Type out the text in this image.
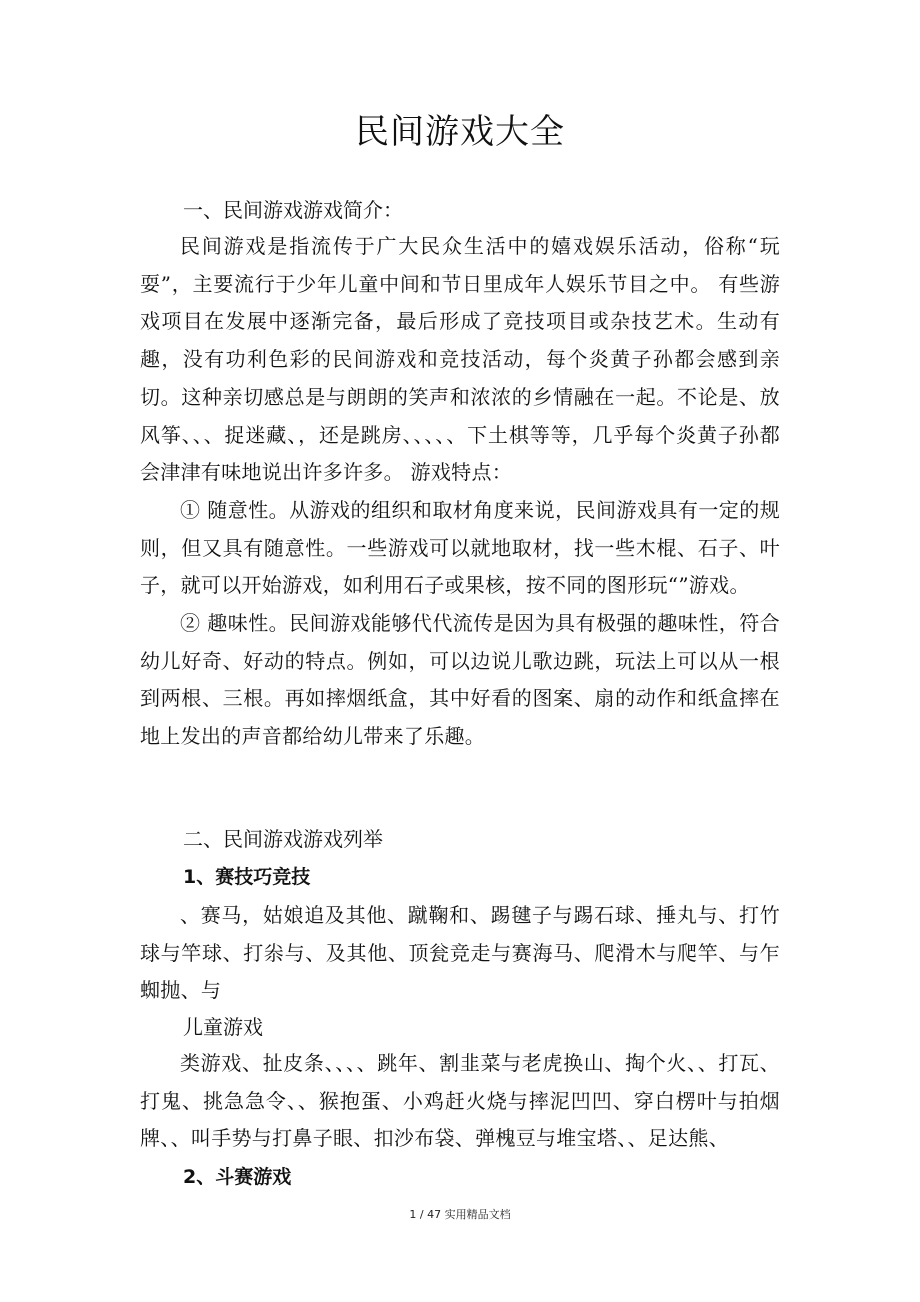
民间游戏大全
一、民间游戏游戏简介：

民间游戏是指流传于广大民众生活中的嬉戏娱乐活动，俗称“玩耍”，主要流行于少年儿童中间和节日里成年人娱乐节目之中。 有些游戏项目在发展中逐渐完备，最后形成了竞技项目或杂技艺术。生动有趣，没有功利色彩的民间游戏和竞技活动，每个炎黄子孙都会感到亲切。这种亲切感总是与朗朗的笑声和浓浓的乡情融在一起。不论是、放风筝、、、捉迷藏、，还是跳房、、、、、下土棋等等，几乎每个炎黄子孙都会津津有味地说出许多许多。 游戏特点：

① 随意性。从游戏的组织和取材角度来说，民间游戏具有一定的规则，但又具有随意性。一些游戏可以就地取材，找一些木棍、石子、叶子，就可以开始游戏，如利用石子或果核，按不同的图形玩“”游戏。

② 趣味性。民间游戏能够代代流传是因为具有极强的趣味性，符合幼儿好奇、好动的特点。例如，可以边说儿歌边跳，玩法上可以从一根到两根、三根。再如摔烟纸盒，其中好看的图案、扇的动作和纸盒摔在地上发出的声音都给幼儿带来了乐趣。

二、民间游戏游戏列举
1、赛技巧竞技

、赛马，姑娘追及其他、蹴鞠和、踢毽子与踢石球、捶丸与、打竹球与竿球、打尜与、及其他、顶瓮竞走与赛海马、爬滑木与爬竿、与乍蜘抛、与

儿童游戏

类游戏、扯皮条、、、、跳年、割韭菜与老虎换山、掏个火、、打瓦、打鬼、挑急急令、、猴抱蛋、小鸡赶火烧与摔泥凹凹、穿白楞叶与拍烟牌、、叫手势与打鼻子眼、扣沙布袋、弹槐豆与堆宝塔、、足达熊、

2、斗赛游戏
1 / 47 实用精品文档
